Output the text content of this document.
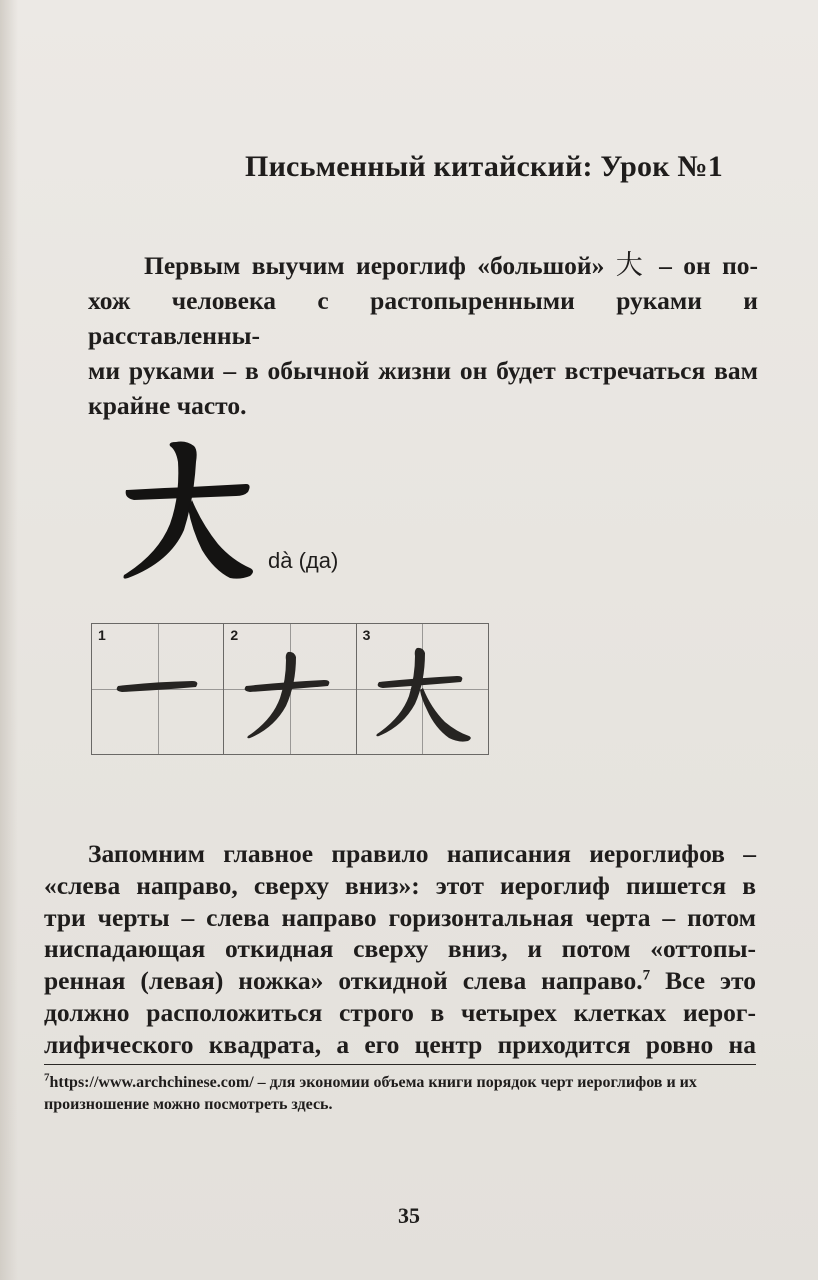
Письменный китайский: Урок №1
Первым выучим иероглиф «большой» 大 – он по-
хож человека с растопыренными руками и расставленны-
ми руками – в обычной жизни он будет встречаться вам
крайне часто.
dà (да)
1	2	3
Запомним главное правило написания иероглифов –
«слева направо, сверху вниз»: этот иероглиф пишется в
три черты – слева направо горизонтальная черта – потом
ниспадающая откидная сверху вниз, и потом «оттопы-
ренная (левая) ножка» откидной слева направо.$^7$ Все это
должно расположиться строго в четырех клетках иерог-
лифического квадрата, а его центр приходится ровно на
$^7$https://www.archchinese.com/ – для экономии объема книги порядок черт иероглифов и их произношение можно посмотреть здесь.
35
